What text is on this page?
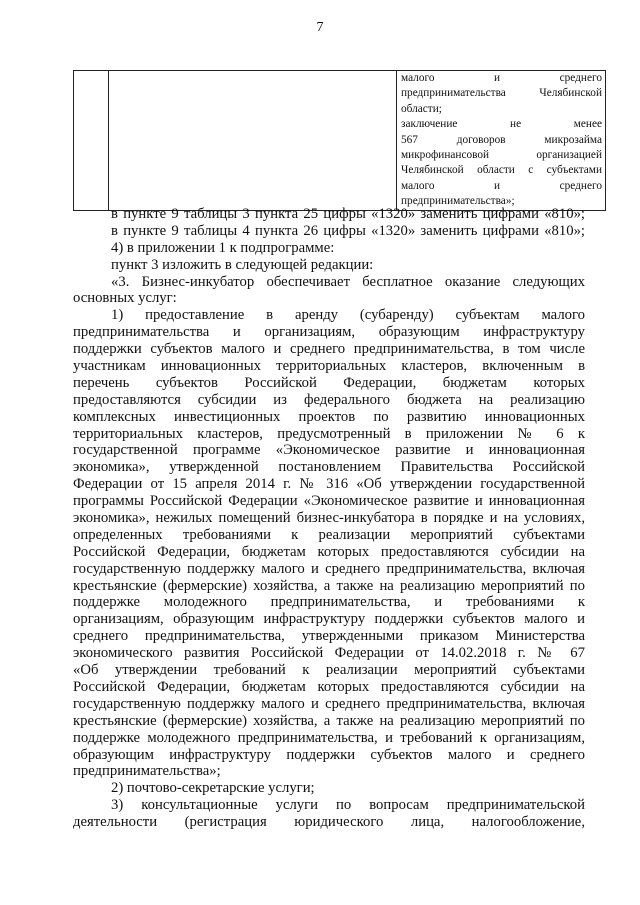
7

малого и среднего
предпринимательства Челябинской
области;
заключение не менее
567 договоров микрозайма
микрофинансовой организацией
Челябинской области с субъектами
малого и среднего
предпринимательства»;
в пункте 9 таблицы 3 пункта 25 цифры «1320» заменить цифрами «810»;
в пункте 9 таблицы 4 пункта 26 цифры «1320» заменить цифрами «810»;
4) в приложении 1 к подпрограмме:
пункт 3 изложить в следующей редакции:
«3. Бизнес-инкубатор обеспечивает бесплатное оказание следующих
основных услуг:
1) предоставление в аренду (субаренду) субъектам малого
предпринимательства и организациям, образующим инфраструктуру
поддержки субъектов малого и среднего предпринимательства, в том числе
участникам инновационных территориальных кластеров, включенным в
перечень субъектов Российской Федерации, бюджетам которых
предоставляются субсидии из федерального бюджета на реализацию
комплексных инвестиционных проектов по развитию инновационных
территориальных кластеров, предусмотренный в приложении № 6 к
государственной программе «Экономическое развитие и инновационная
экономика», утвержденной постановлением Правительства Российской
Федерации от 15 апреля 2014 г. № 316 «Об утверждении государственной
программы Российской Федерации «Экономическое развитие и инновационная
экономика», нежилых помещений бизнес-инкубатора в порядке и на условиях,
определенных требованиями к реализации мероприятий субъектами
Российской Федерации, бюджетам которых предоставляются субсидии на
государственную поддержку малого и среднего предпринимательства, включая
крестьянские (фермерские) хозяйства, а также на реализацию мероприятий по
поддержке молодежного предпринимательства, и требованиями к
организациям, образующим инфраструктуру поддержки субъектов малого и
среднего предпринимательства, утвержденными приказом Министерства
экономического развития Российской Федерации от 14.02.2018 г. № 67
«Об утверждении требований к реализации мероприятий субъектами
Российской Федерации, бюджетам которых предоставляются субсидии на
государственную поддержку малого и среднего предпринимательства, включая
крестьянские (фермерские) хозяйства, а также на реализацию мероприятий по
поддержке молодежного предпринимательства, и требований к организациям,
образующим инфраструктуру поддержки субъектов малого и среднего
предпринимательства»;
2) почтово-секретарские услуги;
3) консультационные услуги по вопросам предпринимательской
деятельности (регистрация юридического лица, налогообложение,
